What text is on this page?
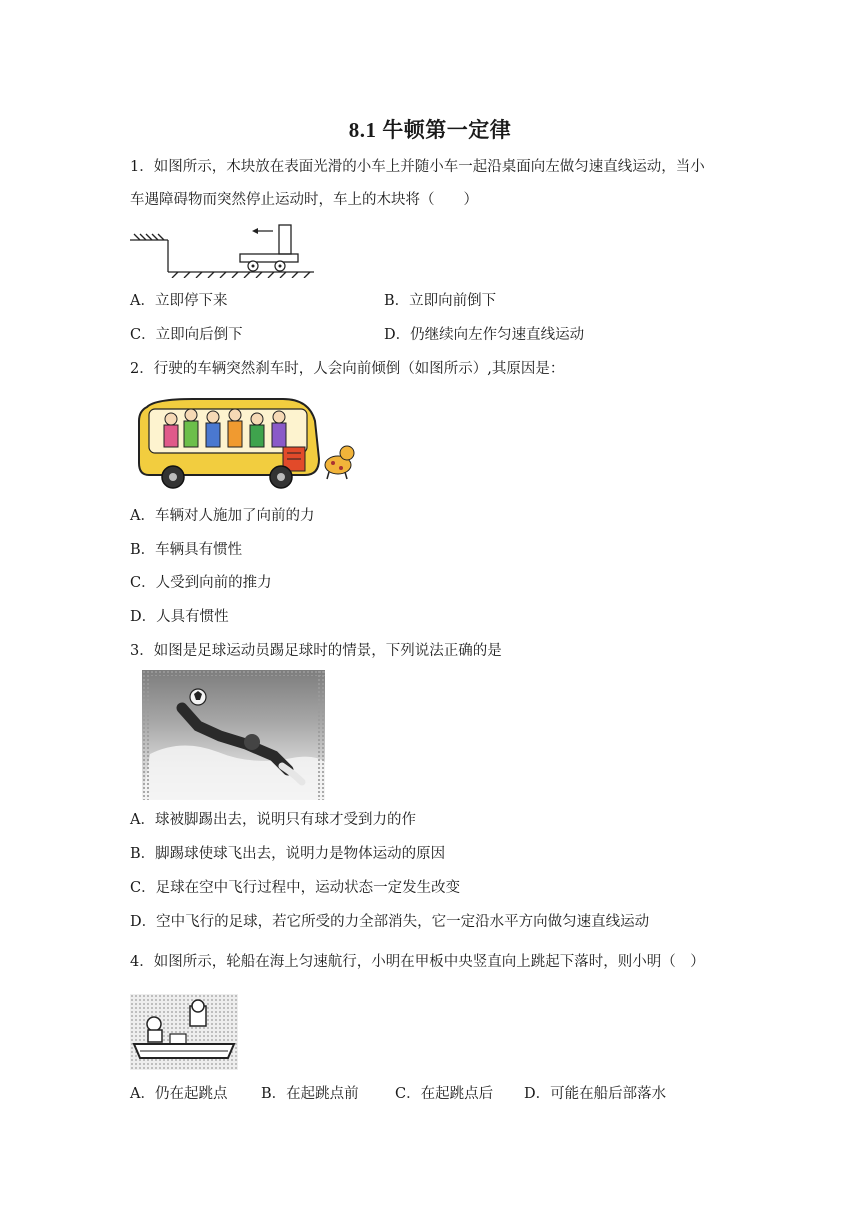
8.1 牛顿第一定律
1．如图所示，木块放在表面光滑的小车上并随小车一起沿桌面向左做匀速直线运动，当小
车遇障碍物而突然停止运动时，车上的木块将（　　）
A．立即停下来	B．立即向前倒下
C．立即向后倒下	D．仍继续向左作匀速直线运动
2．行驶的车辆突然刹车时，人会向前倾倒（如图所示）,其原因是：
A．车辆对人施加了向前的力
B．车辆具有惯性
C．人受到向前的推力
D．人具有惯性
3．如图是足球运动员踢足球时的情景，下列说法正确的是
A．球被脚踢出去，说明只有球才受到力的作
B．脚踢球使球飞出去，说明力是物体运动的原因
C．足球在空中飞行过程中，运动状态一定发生改变
D．空中飞行的足球，若它所受的力全部消失，它一定沿水平方向做匀速直线运动
4．如图所示，轮船在海上匀速航行，小明在甲板中央竖直向上跳起下落时，则小明（　）
A．仍在起跳点 B．在起跳点前	C．在起跳点后 D．可能在船后部落水
